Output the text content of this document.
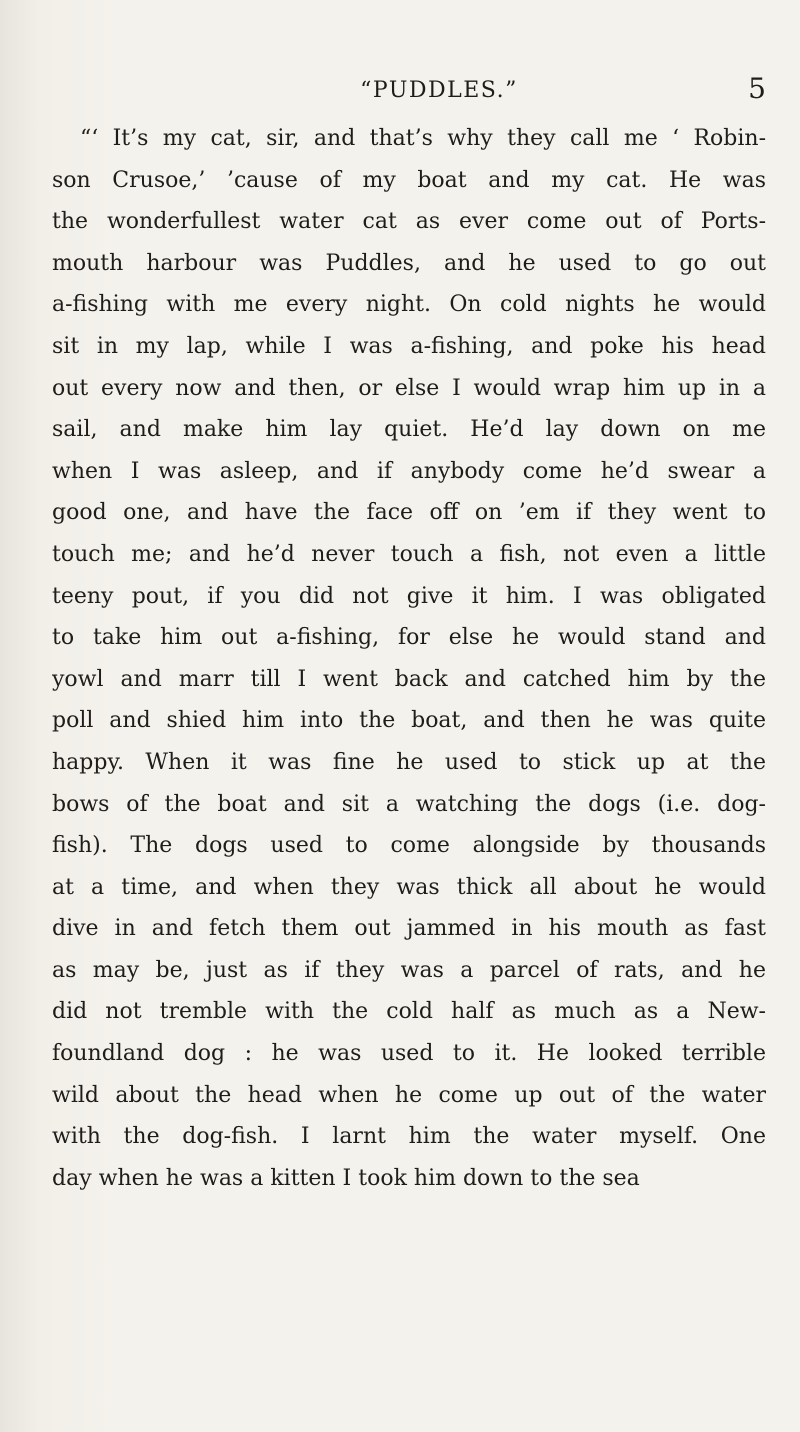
“PUDDLES.”	5
“‘ It’s my cat, sir, and that’s why they call me ‘ Robin-
son Crusoe,’ ’cause of my boat and my cat. He was
the wonderfullest water cat as ever come out of Ports-
mouth harbour was Puddles, and he used to go out
a-fishing with me every night. On cold nights he would
sit in my lap, while I was a-fishing, and poke his head
out every now and then, or else I would wrap him up in a
sail, and make him lay quiet. He’d lay down on me
when I was asleep, and if anybody come he’d swear a
good one, and have the face off on ’em if they went to
touch me; and he’d never touch a fish, not even a little
teeny pout, if you did not give it him. I was obligated
to take him out a-fishing, for else he would stand and
yowl and marr till I went back and catched him by the
poll and shied him into the boat, and then he was quite
happy. When it was fine he used to stick up at the
bows of the boat and sit a watching the dogs (i.e. dog-
fish). The dogs used to come alongside by thousands
at a time, and when they was thick all about he would
dive in and fetch them out jammed in his mouth as fast
as may be, just as if they was a parcel of rats, and he
did not tremble with the cold half as much as a New-
foundland dog : he was used to it. He looked terrible
wild about the head when he come up out of the water
with the dog-fish. I larnt him the water myself. One
day when he was a kitten I took him down to the sea
